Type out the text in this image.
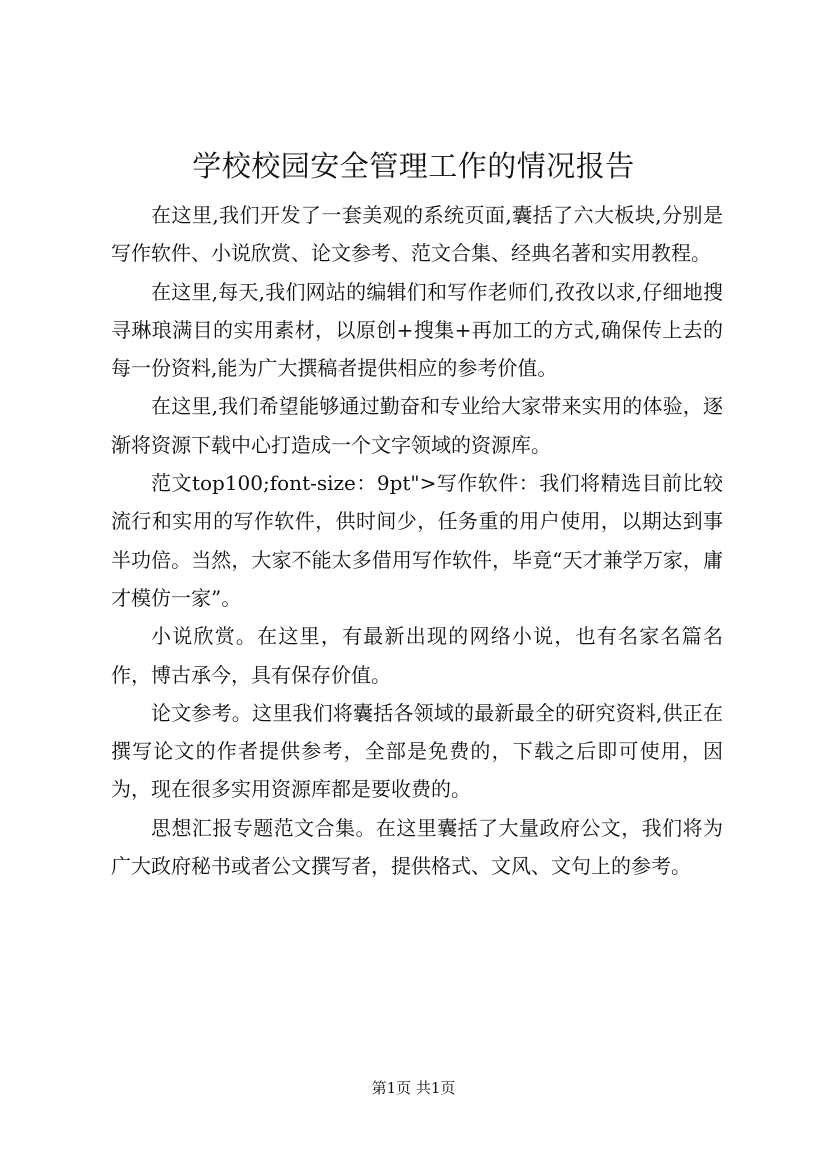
学校校园安全管理工作的情况报告

在这里,我们开发了一套美观的系统页面,囊括了六大板块,分别是写作软件、小说欣赏、论文参考、范文合集、经典名著和实用教程。

在这里,每天,我们网站的编辑们和写作老师们,孜孜以求,仔细地搜寻琳琅满目的实用素材，以原创+搜集+再加工的方式,确保传上去的每一份资料,能为广大撰稿者提供相应的参考价值。

在这里,我们希望能够通过勤奋和专业给大家带来实用的体验，逐渐将资源下载中心打造成一个文字领域的资源库。

范文top100;font-size：9pt">写作软件：我们将精选目前比较流行和实用的写作软件，供时间少，任务重的用户使用，以期达到事半功倍。当然，大家不能太多借用写作软件，毕竟“天才兼学万家，庸才模仿一家”。

小说欣赏。在这里，有最新出现的网络小说，也有名家名篇名作，博古承今，具有保存价值。

论文参考。这里我们将囊括各领域的最新最全的研究资料,供正在撰写论文的作者提供参考，全部是免费的，下载之后即可使用，因为，现在很多实用资源库都是要收费的。

思想汇报专题范文合集。在这里囊括了大量政府公文，我们将为广大政府秘书或者公文撰写者，提供格式、文风、文句上的参考。

第1页 共1页
